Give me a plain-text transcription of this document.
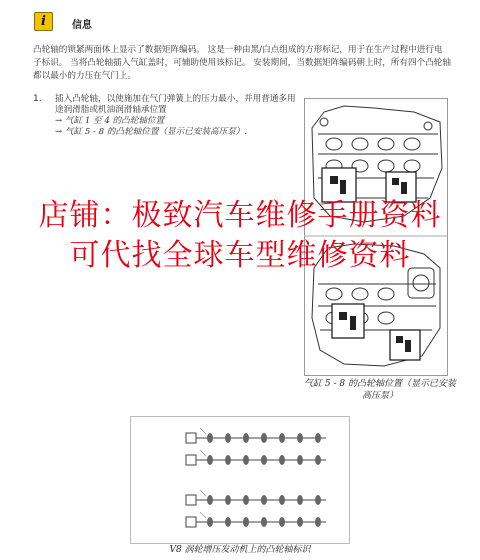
i	信息
凸轮轴的锁紧两面体上显示了数据矩阵编码。 这是一种由黑/白点组成的方形标记，用于在生产过程中进行电子标识。 当将凸轮轴插入气缸盖时，可辅助使用该标记。 安装期间，当数据矩阵编码朝上时，所有四个凸轮轴都以最小的力压在气门上。
1. 插入凸轮轴，以使施加在气门弹簧上的压力最小，并用普通多用途润滑脂或机油润滑轴承位置
→ 气缸 1 至 4 的凸轮轴位置
→ 气缸 5 - 8 的凸轮轴位置（显示已安装高压泵）.
气缸 5 - 8 的凸轮轴位置（显示已安装高压泵）
V8 涡轮增压发动机上的凸轮轴标识
店铺：极致汽车维修手册资料
可代找全球车型维修资料
